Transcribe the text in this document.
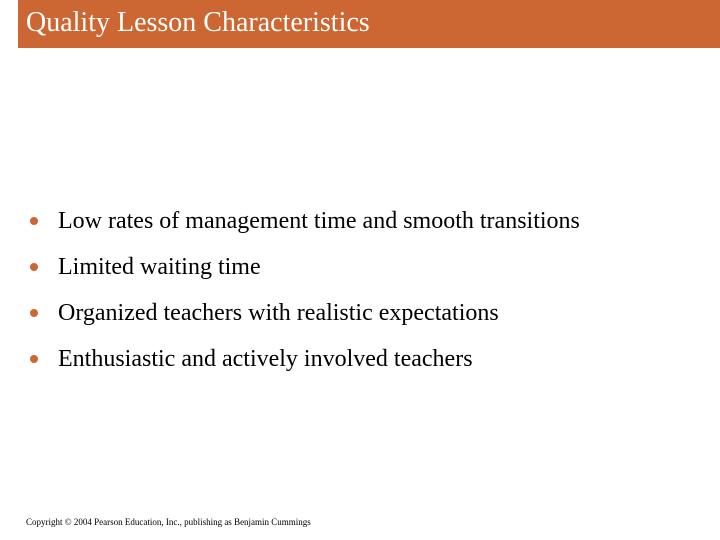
Quality Lesson Characteristics
Low rates of management time and smooth transitions
Limited waiting time
Organized teachers with realistic expectations
Enthusiastic and actively involved teachers
Copyright © 2004 Pearson Education, Inc., publishing as Benjamin Cummings
